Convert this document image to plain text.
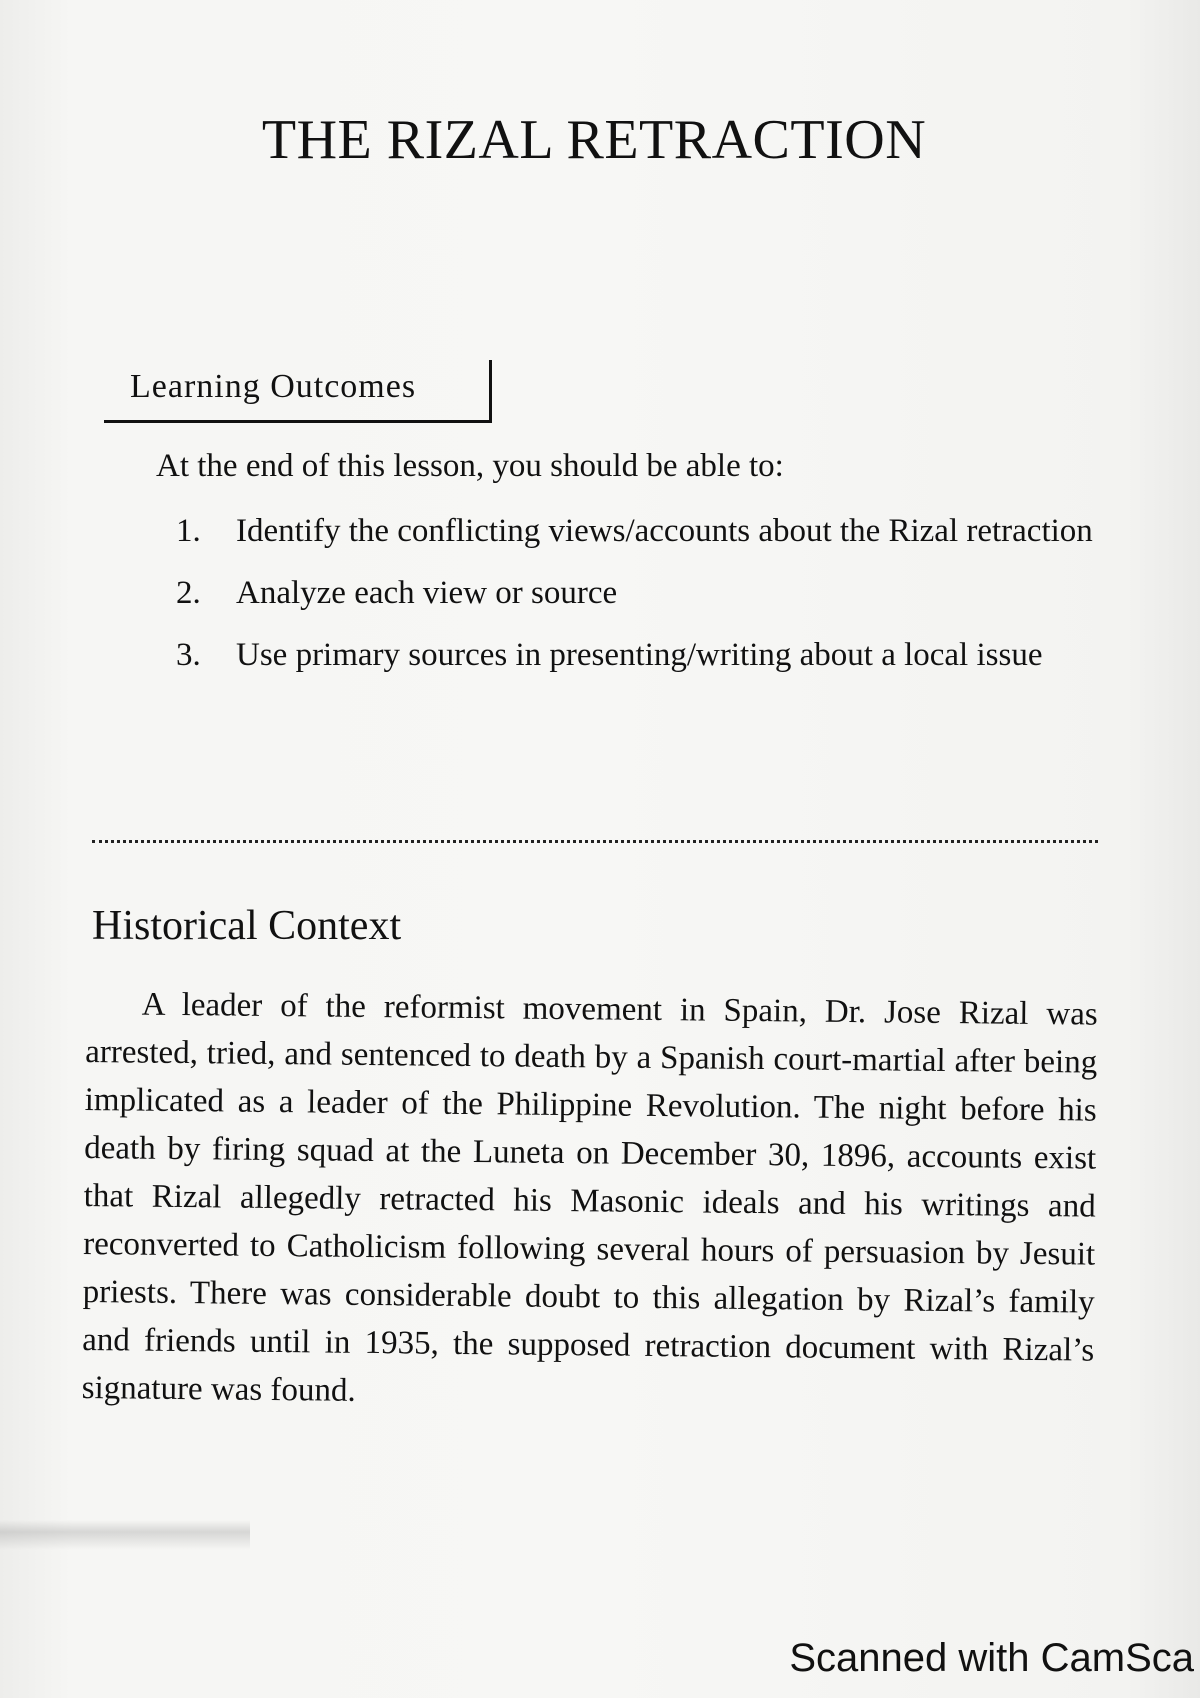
THE RIZAL RETRACTION
Learning Outcomes

At the end of this lesson, you should be able to:

1. Identify the conflicting views/accounts about the Rizal retraction
2. Analyze each view or source
3. Use primary sources in presenting/writing about a local issue
Historical Context

A leader of the reformist movement in Spain, Dr. Jose Rizal was arrested, tried, and sentenced to death by a Spanish court-martial after being implicated as a leader of the Philippine Revolution. The night before his death by firing squad at the Luneta on December 30, 1896, accounts exist that Rizal allegedly retracted his Masonic ideals and his writings and reconverted to Catholicism following several hours of persuasion by Jesuit priests. There was considerable doubt to this allegation by Rizal’s family and friends until in 1935, the supposed retraction document with Rizal’s signature was found.

Scanned with CamSca
